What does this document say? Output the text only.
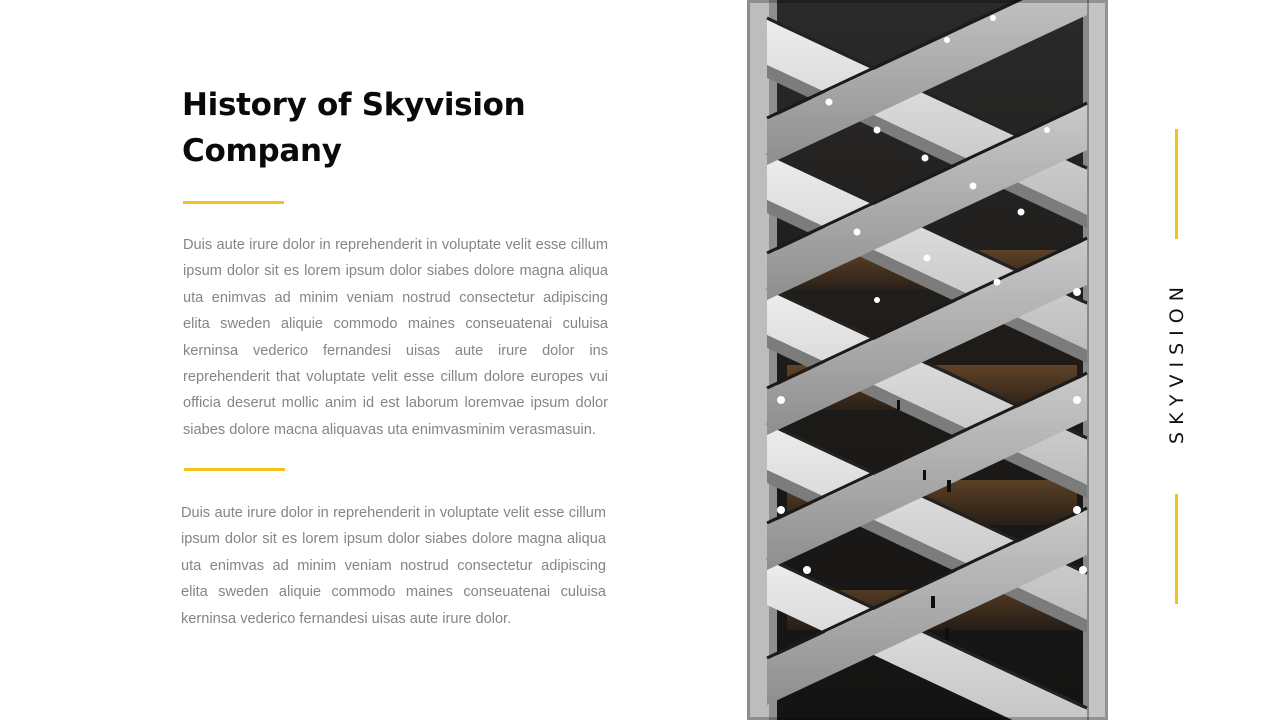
History of Skyvision
Company

Duis aute irure dolor in reprehenderit in voluptate velit esse cillum ipsum dolor sit es lorem ipsum dolor siabes dolore magna aliqua uta enimvas ad minim veniam nostrud consectetur adipiscing elita sweden aliquie commodo maines conseuatenai culuisa kerninsa vederico fernandesi uisas aute irure dolor ins reprehenderit that voluptate velit esse cillum dolore europes vui officia deserut mollic anim id est laborum loremvae ipsum dolor siabes dolore macna aliquavas uta enimvasminim verasmasuin.

Duis aute irure dolor in reprehenderit in voluptate velit esse cillum ipsum dolor sit es lorem ipsum dolor siabes dolore magna aliqua uta enimvas ad minim veniam nostrud consectetur adipiscing elita sweden aliquie commodo maines conseuatenai culuisa kerninsa vederico fernandesi uisas aute irure dolor.

SKYVISION
